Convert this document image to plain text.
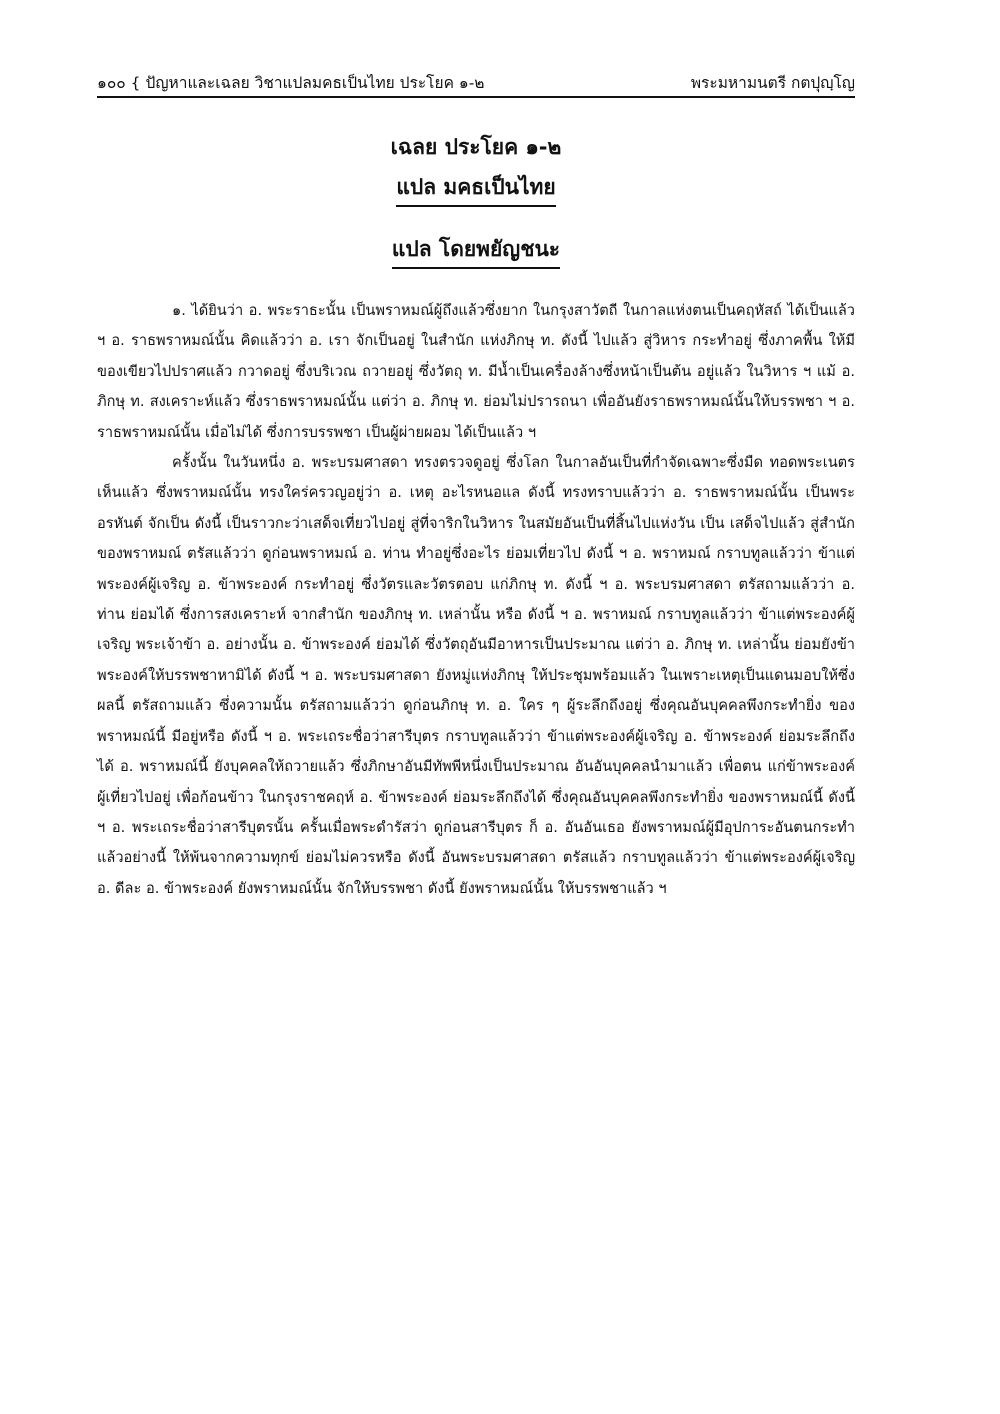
๑๐๐ { ปัญหาและเฉลย วิชาแปลมคธเป็นไทย ประโยค ๑-๒	พระมหามนตรี กตปุญฺโญ
เฉลย ประโยค ๑-๒
แปล มคธเป็นไทย
แปล โดยพยัญชนะ

๑. ได้ยินว่า อ. พระราธะนั้น เป็นพราหมณ์ผู้ถึงแล้วซึ่งยาก ในกรุงสาวัตถี ในกาลแห่งตนเป็นคฤหัสถ์ ได้เป็นแล้ว ฯ อ. ราธพราหมณ์นั้น คิดแล้วว่า อ. เรา จักเป็นอยู่ ในสำนัก แห่งภิกษุ ท. ดังนี้ ไปแล้ว สู่วิหาร กระทำอยู่ ซึ่งภาคพื้น ให้มีของเขียวไปปราศแล้ว กวาดอยู่ ซึ่งบริเวณ ถวายอยู่ ซึ่งวัตถุ ท. มีน้ำเป็นเครื่องล้างซึ่งหน้าเป็นต้น อยู่แล้ว ในวิหาร ฯ แม้ อ. ภิกษุ ท. สงเคราะห์แล้ว ซึ่งราธพราหมณ์นั้น แต่ว่า อ. ภิกษุ ท. ย่อมไม่ปรารถนา เพื่ออันยังราธพราหมณ์นั้นให้บรรพชา ฯ อ. ราธพราหมณ์นั้น เมื่อไม่ได้ ซึ่งการบรรพชา เป็นผู้ผ่ายผอม ได้เป็นแล้ว ฯ

ครั้งนั้น ในวันหนึ่ง อ. พระบรมศาสดา ทรงตรวจดูอยู่ ซึ่งโลก ในกาลอันเป็นที่กำจัดเฉพาะซึ่งมืด ทอดพระเนตรเห็นแล้ว ซึ่งพราหมณ์นั้น ทรงใคร่ครวญอยู่ว่า อ. เหตุ อะไรหนอแล ดังนี้ ทรงทราบแล้วว่า อ. ราธพราหมณ์นั้น เป็นพระอรหันต์ จักเป็น ดังนี้ เป็นราวกะว่าเสด็จเที่ยวไปอยู่ สู่ที่จาริกในวิหาร ในสมัยอันเป็นที่สิ้นไปแห่งวัน เป็น เสด็จไปแล้ว สู่สำนัก ของพราหมณ์ ตรัสแล้วว่า ดูก่อนพราหมณ์ อ. ท่าน ทำอยู่ซึ่งอะไร ย่อมเที่ยวไป ดังนี้ ฯ อ. พราหมณ์ กราบทูลแล้วว่า ข้าแต่พระองค์ผู้เจริญ อ. ข้าพระองค์ กระทำอยู่ ซึ่งวัตรและวัตรตอบ แก่ภิกษุ ท. ดังนี้ ฯ อ. พระบรมศาสดา ตรัสถามแล้วว่า อ. ท่าน ย่อมได้ ซึ่งการสงเคราะห์ จากสำนัก ของภิกษุ ท. เหล่านั้น หรือ ดังนี้ ฯ อ. พราหมณ์ กราบทูลแล้วว่า ข้าแต่พระองค์ผู้เจริญ พระเจ้าข้า อ. อย่างนั้น อ. ข้าพระองค์ ย่อมได้ ซึ่งวัตถุอันมีอาหารเป็นประมาณ แต่ว่า อ. ภิกษุ ท. เหล่านั้น ย่อมยังข้าพระองค์ให้บรรพชาหามิได้ ดังนี้ ฯ อ. พระบรมศาสดา ยังหมู่แห่งภิกษุ ให้ประชุมพร้อมแล้ว ในเพราะเหตุเป็นแดนมอบให้ซึ่งผลนี้ ตรัสถามแล้ว ซึ่งความนั้น ตรัสถามแล้วว่า ดูก่อนภิกษุ ท. อ. ใคร ๆ ผู้ระลึกถึงอยู่ ซึ่งคุณอันบุคคลพึงกระทำยิ่ง ของพราหมณ์นี้ มีอยู่หรือ ดังนี้ ฯ อ. พระเถระชื่อว่าสารีบุตร กราบทูลแล้วว่า ข้าแต่พระองค์ผู้เจริญ อ. ข้าพระองค์ ย่อมระลึกถึงได้ อ. พราหมณ์นี้ ยังบุคคลให้ถวายแล้ว ซึ่งภิกษาอันมีทัพพีหนึ่งเป็นประมาณ อันอันบุคคลนำมาแล้ว เพื่อตน แก่ข้าพระองค์ ผู้เที่ยวไปอยู่ เพื่อก้อนข้าว ในกรุงราชคฤห์ อ. ข้าพระองค์ ย่อมระลึกถึงได้ ซึ่งคุณอันบุคคลพึงกระทำยิ่ง ของพราหมณ์นี้ ดังนี้ ฯ อ. พระเถระชื่อว่าสารีบุตรนั้น ครั้นเมื่อพระดำรัสว่า ดูก่อนสารีบุตร ก็ อ. อันอันเธอ ยังพราหมณ์ผู้มีอุปการะอันตนกระทำแล้วอย่างนี้ ให้พ้นจากความทุกข์ ย่อมไม่ควรหรือ ดังนี้ อันพระบรมศาสดา ตรัสแล้ว กราบทูลแล้วว่า ข้าแต่พระองค์ผู้เจริญ อ. ดีละ อ. ข้าพระองค์ ยังพราหมณ์นั้น จักให้บรรพชา ดังนี้ ยังพราหมณ์นั้น ให้บรรพชาแล้ว ฯ
